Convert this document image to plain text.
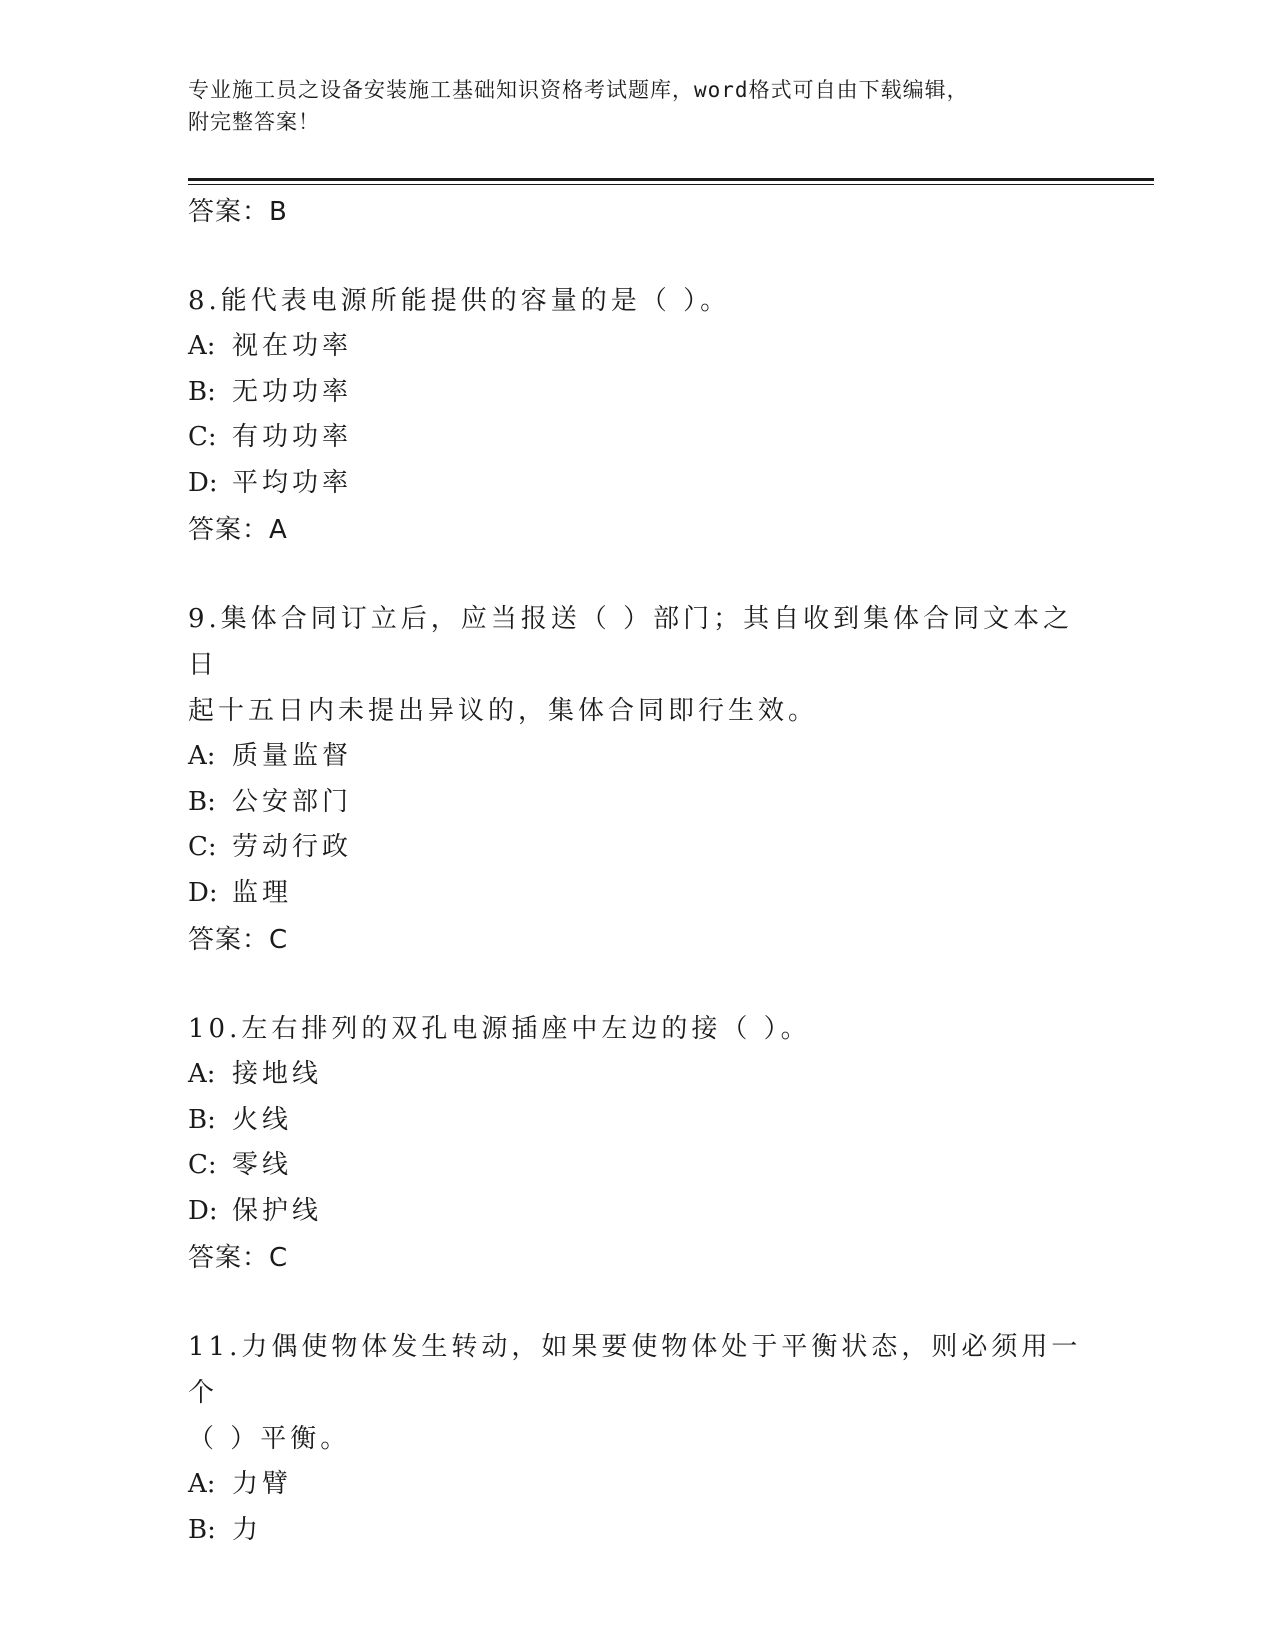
专业施工员之设备安装施工基础知识资格考试题库，word格式可自由下载编辑，
附完整答案！
答案：B
8.能代表电源所能提供的容量的是（ ）。
A: 视在功率
B: 无功功率
C: 有功功率
D: 平均功率
答案：A
9.集体合同订立后，应当报送（ ）部门；其自收到集体合同文本之日
起十五日内未提出异议的，集体合同即行生效。
A: 质量监督
B: 公安部门
C: 劳动行政
D: 监理
答案：C
10.左右排列的双孔电源插座中左边的接（ ）。
A: 接地线
B: 火线
C: 零线
D: 保护线
答案：C
11.力偶使物体发生转动，如果要使物体处于平衡状态，则必须用一个
（ ）平衡。
A: 力臂
B: 力
